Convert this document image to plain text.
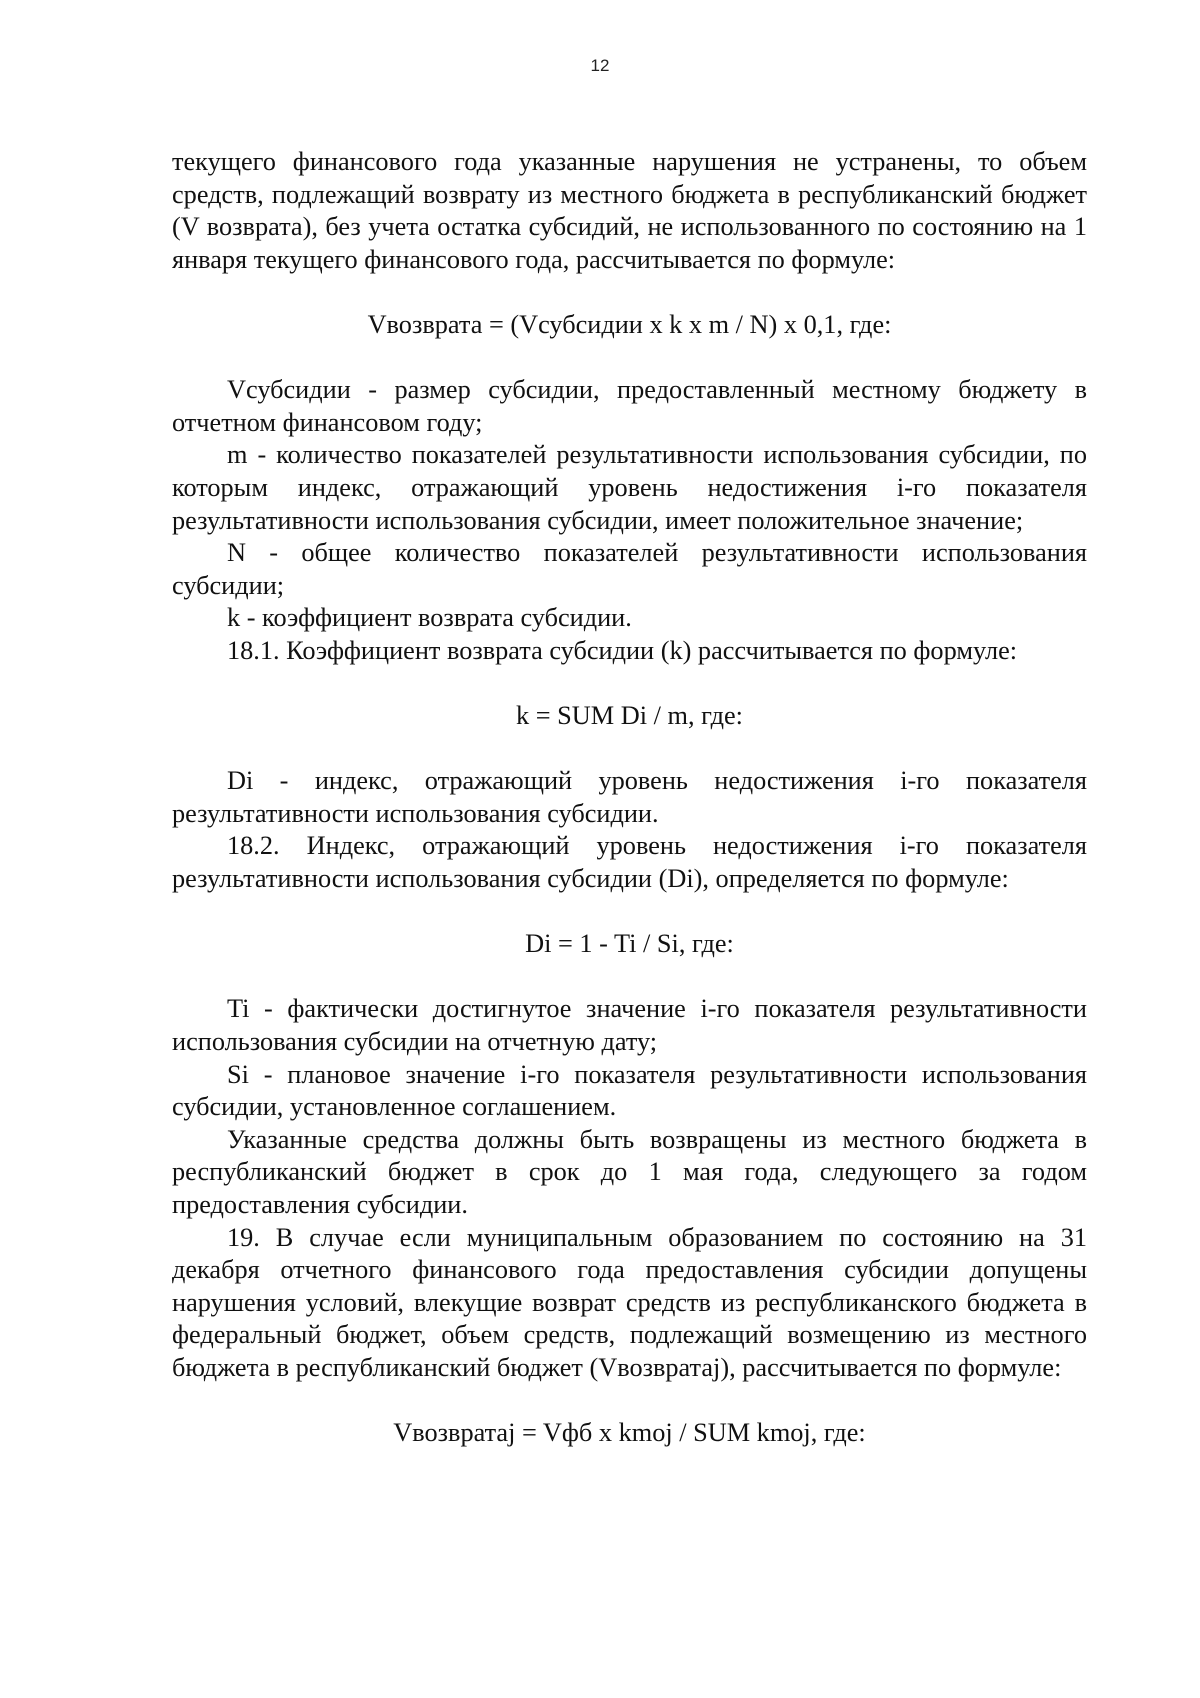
12

текущего финансового года указанные нарушения не устранены, то объем средств, подлежащий возврату из местного бюджета в республиканский бюджет (V возврата), без учета остатка субсидий, не использованного по состоянию на 1 января текущего финансового года, рассчитывается по формуле:

Vвозврата = (Vсубсидии x k x m / N) x 0,1, где:

Vсубсидии - размер субсидии, предоставленный местному бюджету в отчетном финансовом году;

m - количество показателей результативности использования субсидии, по которым индекс, отражающий уровень недостижения i-го показателя результативности использования субсидии, имеет положительное значение;

N - общее количество показателей результативности использования субсидии;

k - коэффициент возврата субсидии.

18.1. Коэффициент возврата субсидии (k) рассчитывается по формуле:

k = SUM Di / m, где:

Di - индекс, отражающий уровень недостижения i-го показателя результативности использования субсидии.

18.2. Индекс, отражающий уровень недостижения i-го показателя результативности использования субсидии (Di), определяется по формуле:

Di = 1 - Ti / Si, где:

Ti - фактически достигнутое значение i-го показателя результативности использования субсидии на отчетную дату;

Si - плановое значение i-го показателя результативности использования субсидии, установленное соглашением.

Указанные средства должны быть возвращены из местного бюджета в республиканский бюджет в срок до 1 мая года, следующего за годом предоставления субсидии.

19. В случае если муниципальным образованием по состоянию на 31 декабря отчетного финансового года предоставления субсидии допущены нарушения условий, влекущие возврат средств из республиканского бюджета в федеральный бюджет, объем средств, подлежащий возмещению из местного бюджета в республиканский бюджет (Vвозвратаj), рассчитывается по формуле:

Vвозвратаj = Vфб x kmoj / SUM kmoj, где:
